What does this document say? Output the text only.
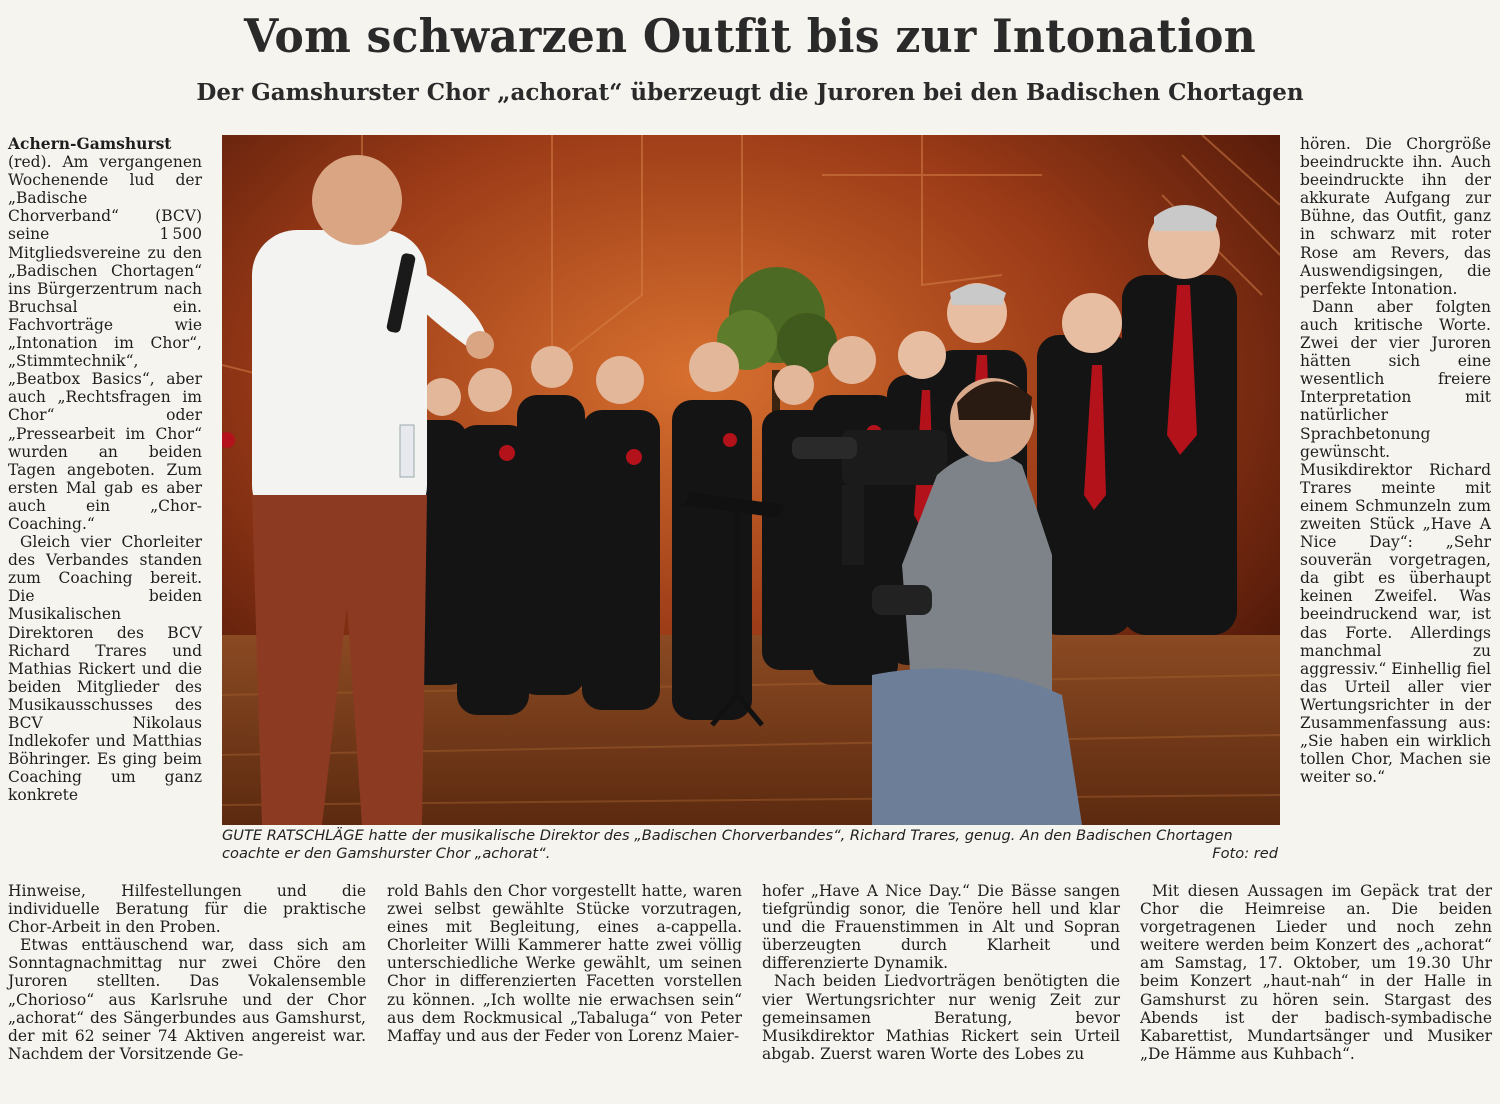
Vom schwarzen Outfit bis zur Intonation
Der Gamshurster Chor „achorat“ überzeugt die Juroren bei den Badischen Chortagen
Achern-Gamshurst

(red). Am vergangenen Wochenende lud der „Badische Chorverband“ (BCV) seine 1 500 Mitgliedsvereine zu den „Badischen Chortagen“ ins Bürgerzentrum nach Bruchsal ein. Fachvorträge wie „Intonation im Chor“, „Stimmtechnik“, „Beatbox Basics“, aber auch „Rechtsfragen im Chor“ oder „Pressearbeit im Chor“ wurden an beiden Tagen angeboten. Zum ersten Mal gab es aber auch ein „Chor-Coaching.“

Gleich vier Chorleiter des Verbandes standen zum Coaching bereit. Die beiden Musikalischen Direktoren des BCV Richard Trares und Mathias Rickert und die beiden Mitglieder des Musikausschusses des BCV Nikolaus Indlekofer und Matthias Böhringer. Es ging beim Coaching um ganz konkrete

hören. Die Chorgröße beeindruckte ihn. Auch beeindruckte ihn der akkurate Aufgang zur Bühne, das Outfit, ganz in schwarz mit roter Rose am Revers, das Auswendigsingen, die perfekte Intonation.

Dann aber folgten auch kritische Worte. Zwei der vier Juroren hätten sich eine wesentlich freiere Interpretation mit natürlicher Sprachbetonung gewünscht. Musikdirektor Richard Trares meinte mit einem Schmunzeln zum zweiten Stück „Have A Nice Day“: „Sehr souverän vorgetragen, da gibt es überhaupt keinen Zweifel. Was beeindruckend war, ist das Forte. Allerdings manchmal zu aggressiv.“ Einhellig fiel das Urteil aller vier Wertungsrichter in der Zusammenfassung aus: „Sie haben ein wirklich tollen Chor, Machen sie weiter so.“

GUTE RATSCHLÄGE hatte der musikalische Direktor des „Badischen Chorverbandes“, Richard Trares, genug. An den Badischen Chortagen coachte er den Gamshurster Chor „achorat“.	Foto: red

Hinweise, Hilfestellungen und die individuelle Beratung für die praktische Chor-Arbeit in den Proben.

Etwas enttäuschend war, dass sich am Sonntagnachmittag nur zwei Chöre den Juroren stellten. Das Vokalensemble „Chorioso“ aus Karlsruhe und der Chor „achorat“ des Sängerbundes aus Gamshurst, der mit 62 seiner 74 Aktiven angereist war. Nachdem der Vorsitzende Ge-

rold Bahls den Chor vorgestellt hatte, waren zwei selbst gewählte Stücke vorzutragen, eines mit Begleitung, eines a-cappella. Chorleiter Willi Kammerer hatte zwei völlig unterschiedliche Werke gewählt, um seinen Chor in differenzierten Facetten vorstellen zu können. „Ich wollte nie erwachsen sein“ aus dem Rockmusical „Tabaluga“ von Peter Maffay und aus der Feder von Lorenz Maier-

hofer „Have A Nice Day.“ Die Bässe sangen tiefgründig sonor, die Tenöre hell und klar und die Frauenstimmen in Alt und Sopran überzeugten durch Klarheit und differenzierte Dynamik.

Nach beiden Liedvorträgen benötigten die vier Wertungsrichter nur wenig Zeit zur gemeinsamen Beratung, bevor Musikdirektor Mathias Rickert sein Urteil abgab. Zuerst waren Worte des Lobes zu

Mit diesen Aussagen im Gepäck trat der Chor die Heimreise an. Die beiden vorgetragenen Lieder und noch zehn weitere werden beim Konzert des „achorat“ am Samstag, 17. Oktober, um 19.30 Uhr beim Konzert „haut-nah“ in der Halle in Gamshurst zu hören sein. Stargast des Abends ist der badisch-symbadische Kabarettist, Mundartsänger und Musiker „De Hämme aus Kuhbach“.
